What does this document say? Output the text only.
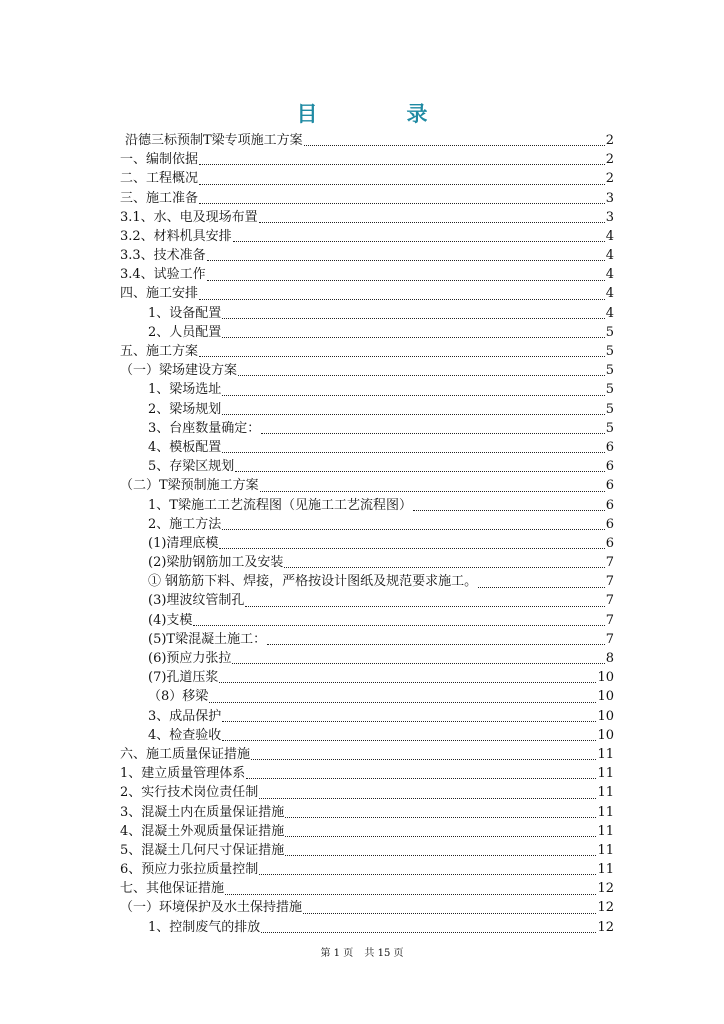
目　录
沿德三标预制T梁专项施工方案	2
一、编制依据	2
二、工程概况	2
三、施工准备	3
3.1、水、电及现场布置	3
3.2、材料机具安排	4
3.3、技术准备	4
3.4、试验工作	4
四、施工安排	4
1、设备配置	4
2、人员配置	5
五、施工方案	5
（一）梁场建设方案	5
1、梁场选址	5
2、梁场规划	5
3、台座数量确定：	5
4、模板配置	6
5、存梁区规划	6
（二）T梁预制施工方案	6
1、T梁施工工艺流程图（见施工工艺流程图）	6
2、施工方法	6
(1)清理底模	6
(2)梁肋钢筋加工及安装	7
① 钢筋筋下料、焊接，严格按设计图纸及规范要求施工。	7
(3)埋波纹管制孔	7
(4)支模	7
(5)T梁混凝土施工：	7
(6)预应力张拉	8
(7)孔道压浆	10
（8）移梁	10
3、成品保护	10
4、检查验收	10
六、施工质量保证措施	11
1、建立质量管理体系	11
2、实行技术岗位责任制	11
3、混凝土内在质量保证措施	11
4、混凝土外观质量保证措施	11
5、混凝土几何尺寸保证措施	11
6、预应力张拉质量控制	11
七、其他保证措施	12
（一）环境保护及水土保持措施	12
1、控制废气的排放	12
第 1 页 共 15 页
